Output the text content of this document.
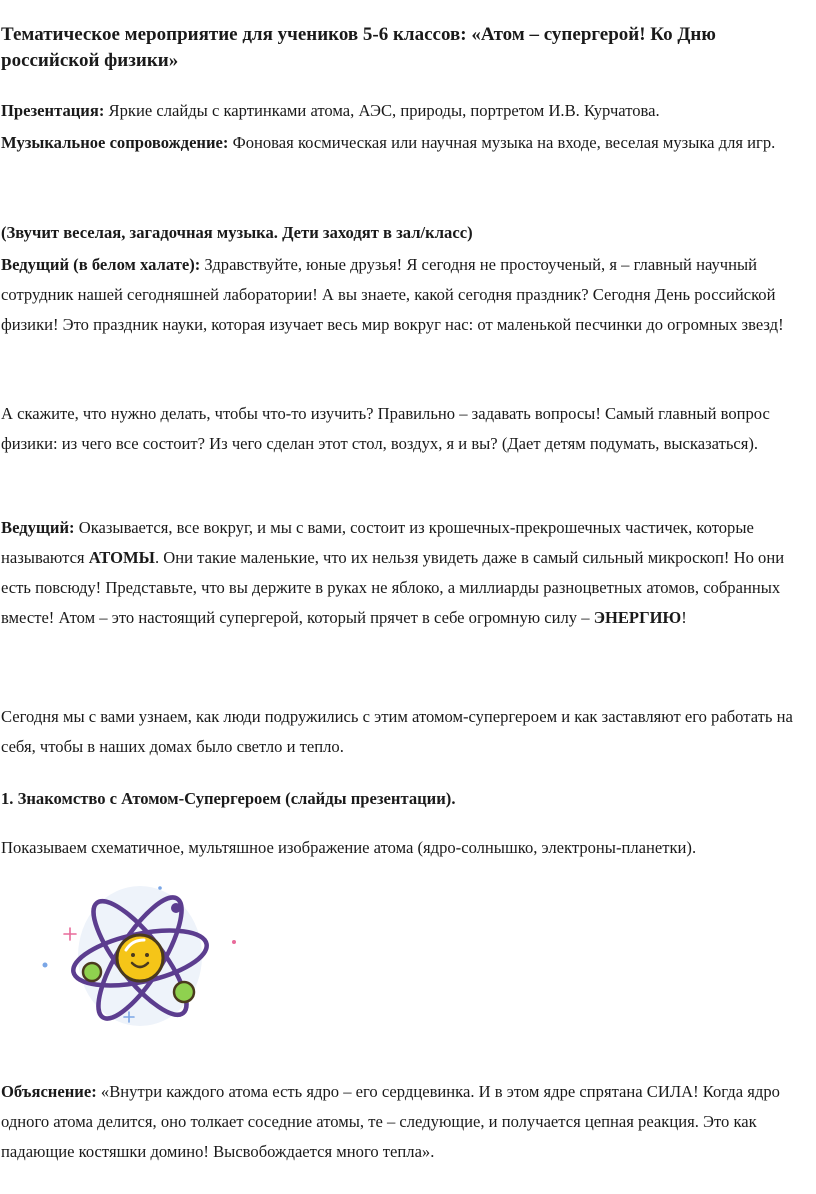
Тематическое мероприятие для учеников 5-6 классов: «Атом – супергерой! Ко Дню российской физики»

Презентация: Яркие слайды с картинками атома, АЭС, природы, портретом И.В. Курчатова.

Музыкальное сопровождение: Фоновая космическая или научная музыка на входе, веселая музыка для игр.

(Звучит веселая, загадочная музыка. Дети заходят в зал/класс)

Ведущий (в белом халате): Здравствуйте, юные друзья! Я сегодня не простоученый, я – главный научный сотрудник нашей сегодняшней лаборатории! А вы знаете, какой сегодня праздник? Сегодня День российской физики! Это праздник науки, которая изучает весь мир вокруг нас: от маленькой песчинки до огромных звезд!

А скажите, что нужно делать, чтобы что-то изучить? Правильно – задавать вопросы! Самый главный вопрос физики: из чего все состоит? Из чего сделан этот стол, воздух, я и вы? (Дает детям подумать, высказаться).

Ведущий: Оказывается, все вокруг, и мы с вами, состоит из крошечных-прекрошечных частичек, которые называются АТОМЫ. Они такие маленькие, что их нельзя увидеть даже в самый сильный микроскоп! Но они есть повсюду! Представьте, что вы держите в руках не яблоко, а миллиарды разноцветных атомов, собранных вместе! Атом – это настоящий супергерой, который прячет в себе огромную силу – ЭНЕРГИЮ!

Сегодня мы с вами узнаем, как люди подружились с этим атомом-супергероем и как заставляют его работать на себя, чтобы в наших домах было светло и тепло.

1. Знакомство с Атомом-Супергероем (слайды презентации).

Показываем схематичное, мультяшное изображение атома (ядро-солнышко, электроны-планетки).

Объяснение: «Внутри каждого атома есть ядро – его сердцевинка. И в этом ядре спрятана СИЛА! Когда ядро одного атома делится, оно толкает соседние атомы, те – следующие, и получается цепная реакция. Это как падающие костяшки домино! Высвобождается много тепла».
